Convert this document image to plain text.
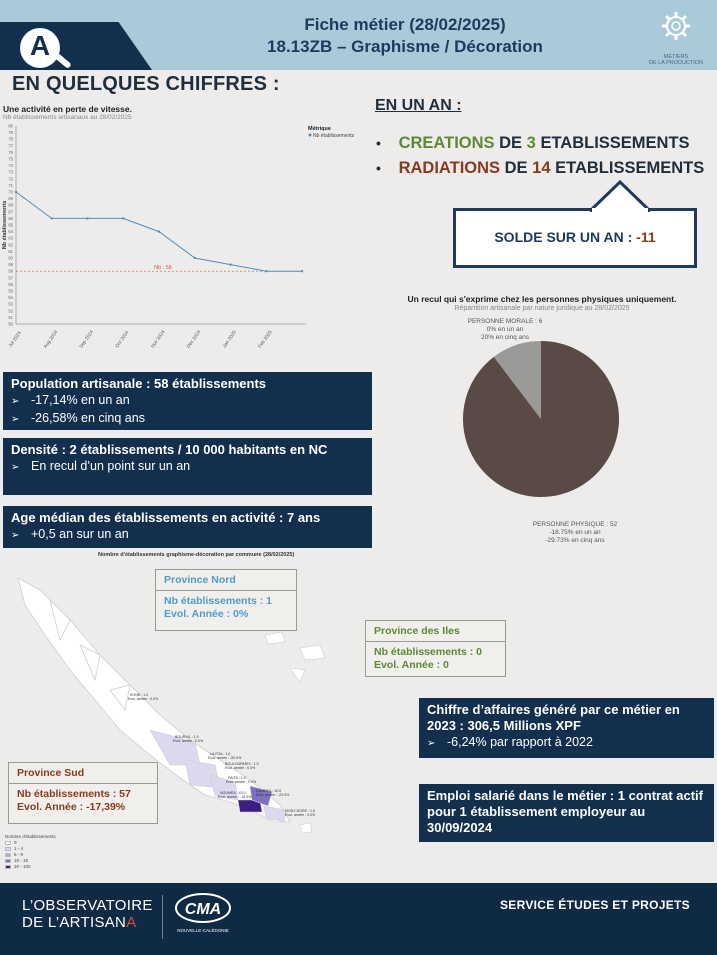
A
Fiche métier (28/02/2025)
18.13ZB – Graphisme / Décoration
MÉTIERS
DE LA PRODUCTION
EN QUELQUES CHIFFRES :
Une activité en perte de vitesse.
Nb établissements artisanaux au 28/02/2025
50
51
52
53
54
55
56
57
58
59
60
61
62
63
64
65
66
67
68
69
70
71
72
73
74
75
76
77
78
79
80
Nb établissements
Jul 2024	Aug 2024	Sep 2024	Oct 2024	Nov 2024	Dec 2024	Jan 2025	Feb 2025
Nb : 58
Métrique
Nb établissements
EN UN AN :
• CREATIONS DE 3 ETABLISSEMENTS
• RADIATIONS DE 14 ETABLISSEMENTS
SOLDE SUR UN AN : -11
Un recul qui s'exprime chez les personnes physiques uniquement.
Répartition artisanale par nature juridique au 28/02/2025
PERSONNE MORALE : 6
0% en un an
20% en cinq ans
PERSONNE PHYSIQUE : 52
-18.75% en un an
-29.73% en cinq ans
Population artisanale : 58 établissements
➢ -17,14% en un an
➢ -26,58% en cinq ans
Densité : 2 établissements / 10 000 habitants en NC
➢ En recul d’un point sur un an
Age médian des établissements en activité : 7 ans
➢ +0,5 an sur un an
Chiffre d’affaires généré par ce métier en 2023 : 306,5 Millions XPF
➢ -6,24% par rapport à 2022
Emploi salarié dans le métier : 1 contrat actif pour 1 établissement employeur au 30/09/2024
Nombre d'établissements graphisme-décoration par commune (28/02/2025)
KONE : 1.0
Evol. année : 0.0%
BOURAIL : 1.0
Evol. année : 0.0%
LA FOA : 1.0
Evol. année : -50.0%
BOULOUPARIS : 1.0
Evol. année : 0.0%
PAITA : 1.0
Evol. année : 0.0%
DUMBEA : 10.0
Evol. année : -23.0%
NOUMEA : 43.0
Evol. année : -15.0%
MONT-DORE : 1.0
Evol. année : 0.0%
Province Nord
Nb établissements : 1
Evol. Année : 0%
Province des Iles
Nb établissements : 0
Evol. Année : 0
Province Sud
Nb établissements : 57
Evol. Année : -17,39%
Nombre d'établissements
0
1 - 4
5 - 9
10 - 19
20 - 100
L’OBSERVATOIRE
DE L’ARTISANA
CMA
NOUVELLE-CALÉDONIE
SERVICE ÉTUDES ET PROJETS
